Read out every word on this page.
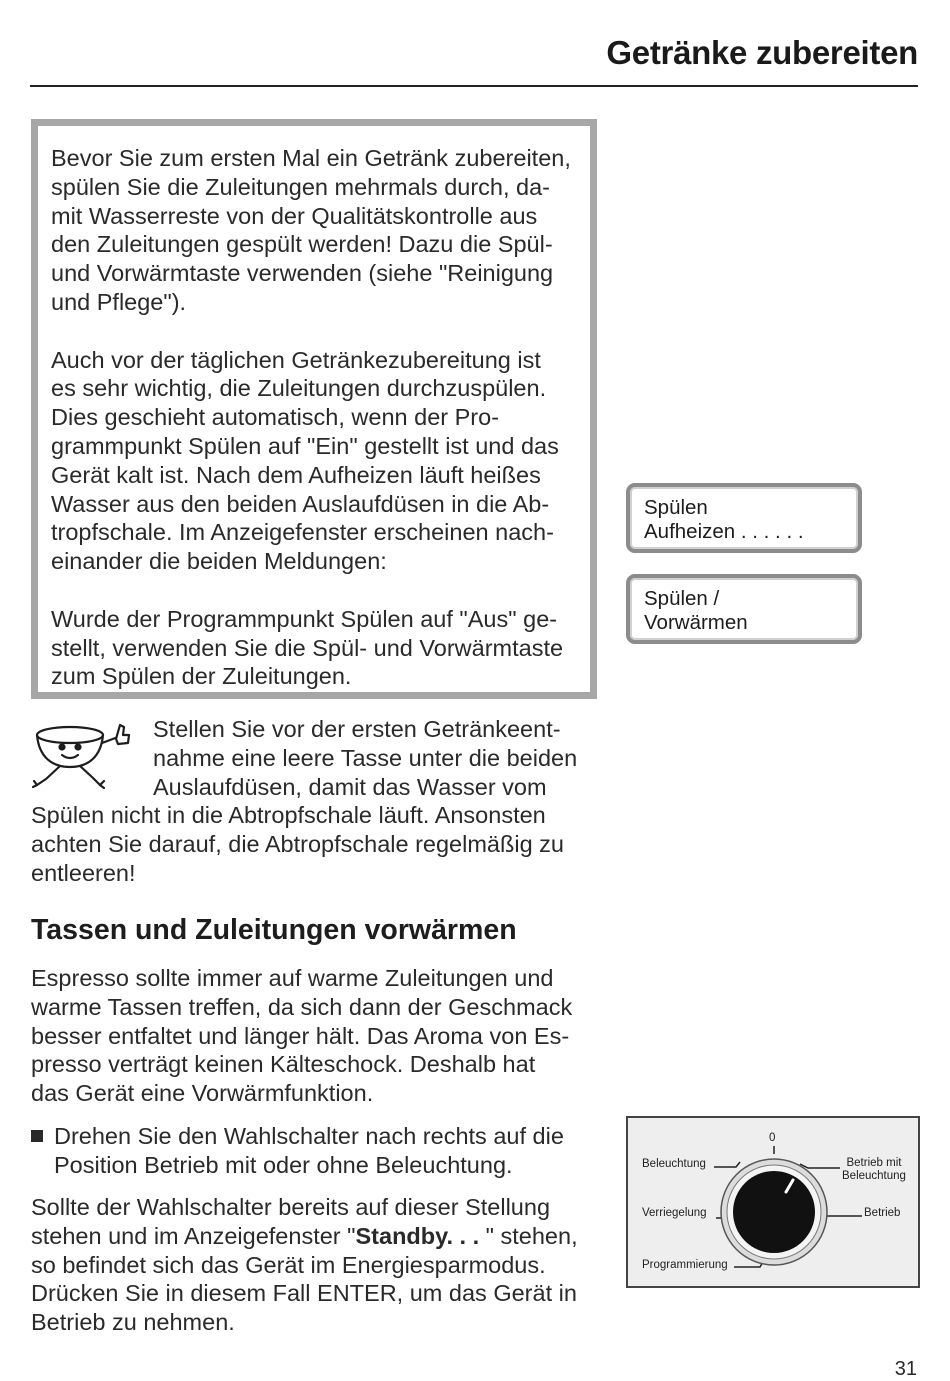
Getränke zubereiten

Bevor Sie zum ersten Mal ein Getränk zubereiten,
spülen Sie die Zuleitungen mehrmals durch, da-
mit Wasserreste von der Qualitätskontrolle aus
den Zuleitungen gespült werden! Dazu die Spül-
und Vorwärmtaste verwenden (siehe "Reinigung
und Pflege").

Auch vor der täglichen Getränkezubereitung ist
es sehr wichtig, die Zuleitungen durchzuspülen.
Dies geschieht automatisch, wenn der Pro-
grammpunkt Spülen auf "Ein" gestellt ist und das
Gerät kalt ist. Nach dem Aufheizen läuft heißes
Wasser aus den beiden Auslaufdüsen in die Ab-
tropfschale. Im Anzeigefenster erscheinen nach-
einander die beiden Meldungen:

Wurde der Programmpunkt Spülen auf "Aus" ge-
stellt, verwenden Sie die Spül- und Vorwärmtaste
zum Spülen der Zuleitungen.

Spülen
Aufheizen . . . . . .
Spülen /
Vorwärmen
Stellen Sie vor der ersten Getränkeent-
nahme eine leere Tasse unter die beiden
Auslaufdüsen, damit das Wasser vom
Spülen nicht in die Abtropfschale läuft. Ansonsten
achten Sie darauf, die Abtropfschale regelmäßig zu
entleeren!
Tassen und Zuleitungen vorwärmen

Espresso sollte immer auf warme Zuleitungen und
warme Tassen treffen, da sich dann der Geschmack
besser entfaltet und länger hält. Das Aroma von Es-
presso verträgt keinen Kälteschock. Deshalb hat
das Gerät eine Vorwärmfunktion.

Drehen Sie den Wahlschalter nach rechts auf die
Position Betrieb mit oder ohne Beleuchtung.

Sollte der Wahlschalter bereits auf dieser Stellung
stehen und im Anzeigefenster "Standby. . . " stehen,
so befindet sich das Gerät im Energiesparmodus.
Drücken Sie in diesem Fall ENTER, um das Gerät in
Betrieb zu nehmen.

0
Beleuchtung
Verriegelung
Programmierung
Betrieb mit
Beleuchtung
Betrieb
31
